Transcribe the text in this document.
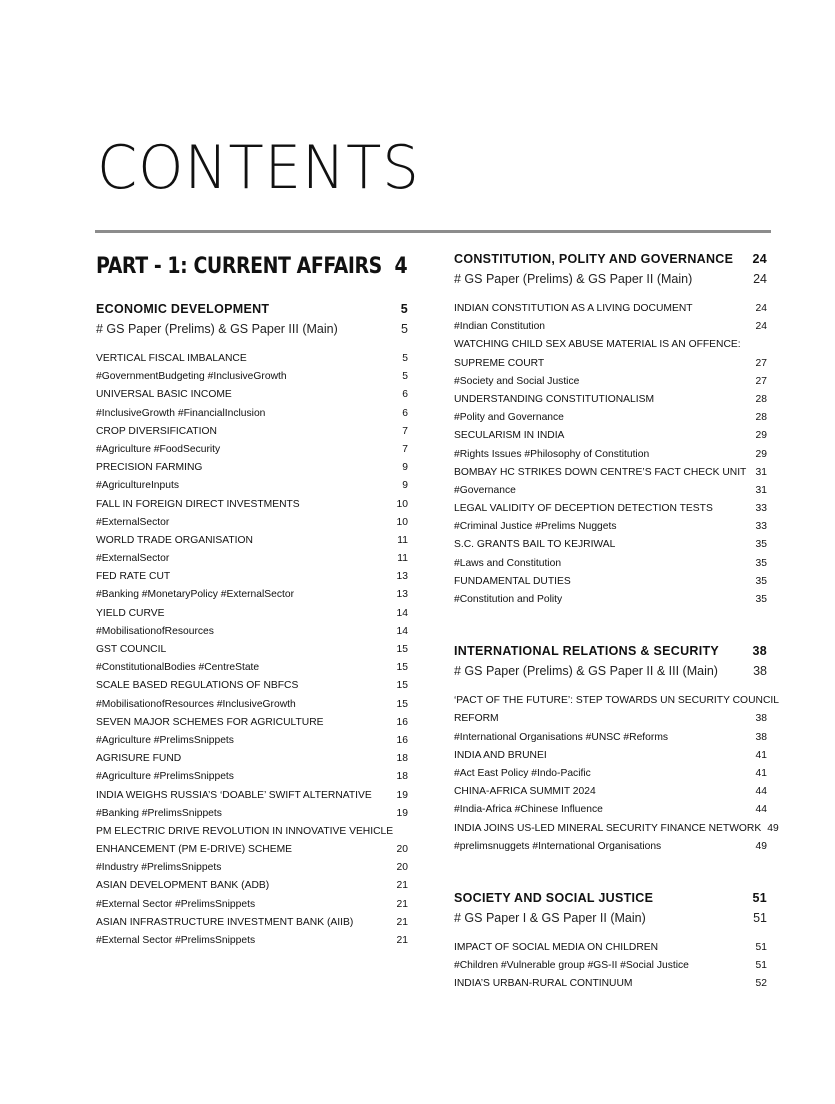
CONTENTS
PART - 1: CURRENT AFFAIRS 4
ECONOMIC DEVELOPMENT	5
# GS Paper (Prelims) & GS Paper III (Main)	5
VERTICAL FISCAL IMBALANCE	5
#GovernmentBudgeting #InclusiveGrowth	5
UNIVERSAL BASIC INCOME	6
#InclusiveGrowth #FinancialInclusion	6
CROP DIVERSIFICATION	7
#Agriculture #FoodSecurity	7
PRECISION FARMING	9
#AgricultureInputs	9
FALL IN FOREIGN DIRECT INVESTMENTS	10
#ExternalSector	10
WORLD TRADE ORGANISATION	11
#ExternalSector	11
FED RATE CUT	13
#Banking #MonetaryPolicy #ExternalSector	13
YIELD CURVE	14
#MobilisationofResources	14
GST COUNCIL	15
#ConstitutionalBodies #CentreState	15
SCALE BASED REGULATIONS OF NBFCS	15
#MobilisationofResources #InclusiveGrowth	15
SEVEN MAJOR SCHEMES FOR AGRICULTURE	16
#Agriculture #PrelimsSnippets	16
AGRISURE FUND	18
#Agriculture #PrelimsSnippets	18
INDIA WEIGHS RUSSIA’S ‘DOABLE’ SWIFT ALTERNATIVE	19
#Banking #PrelimsSnippets	19
PM ELECTRIC DRIVE REVOLUTION IN INNOVATIVE VEHICLE
ENHANCEMENT (PM E-DRIVE) SCHEME	20
#Industry #PrelimsSnippets	20
ASIAN DEVELOPMENT BANK (ADB)	21
#External Sector #PrelimsSnippets	21
ASIAN INFRASTRUCTURE INVESTMENT BANK (AIIB)	21
#External Sector #PrelimsSnippets	21
CONSTITUTION, POLITY AND GOVERNANCE 24
# GS Paper (Prelims) & GS Paper II (Main)	24
INDIAN CONSTITUTION AS A LIVING DOCUMENT	24
#Indian Constitution	24
WATCHING CHILD SEX ABUSE MATERIAL IS AN OFFENCE:
SUPREME COURT	27
#Society and Social Justice	27
UNDERSTANDING CONSTITUTIONALISM	28
#Polity and Governance	28
SECULARISM IN INDIA	29
#Rights Issues #Philosophy of Constitution	29
BOMBAY HC STRIKES DOWN CENTRE’S FACT CHECK UNIT 31
#Governance	31
LEGAL VALIDITY OF DECEPTION DETECTION TESTS	33
#Criminal Justice #Prelims Nuggets	33
S.C. GRANTS BAIL TO KEJRIWAL	35
#Laws and Constitution	35
FUNDAMENTAL DUTIES	35
#Constitution and Polity	35
INTERNATIONAL RELATIONS & SECURITY	38
# GS Paper (Prelims) & GS Paper II & III (Main)	38
‘PACT OF THE FUTURE’: STEP TOWARDS UN SECURITY COUNCIL
REFORM	38
#International Organisations #UNSC #Reforms	38
INDIA AND BRUNEI	41
#Act East Policy #Indo-Pacific	41
CHINA-AFRICA SUMMIT 2024	44
#India-Africa #Chinese Influence	44
INDIA JOINS US-LED MINERAL SECURITY FINANCE NETWORK 49
#prelimsnuggets #International Organisations	49
SOCIETY AND SOCIAL JUSTICE	51
# GS Paper I & GS Paper II (Main)	51
IMPACT OF SOCIAL MEDIA ON CHILDREN	51
#Children #Vulnerable group #GS-II #Social Justice	51
INDIA’S URBAN-RURAL CONTINUUM	52
